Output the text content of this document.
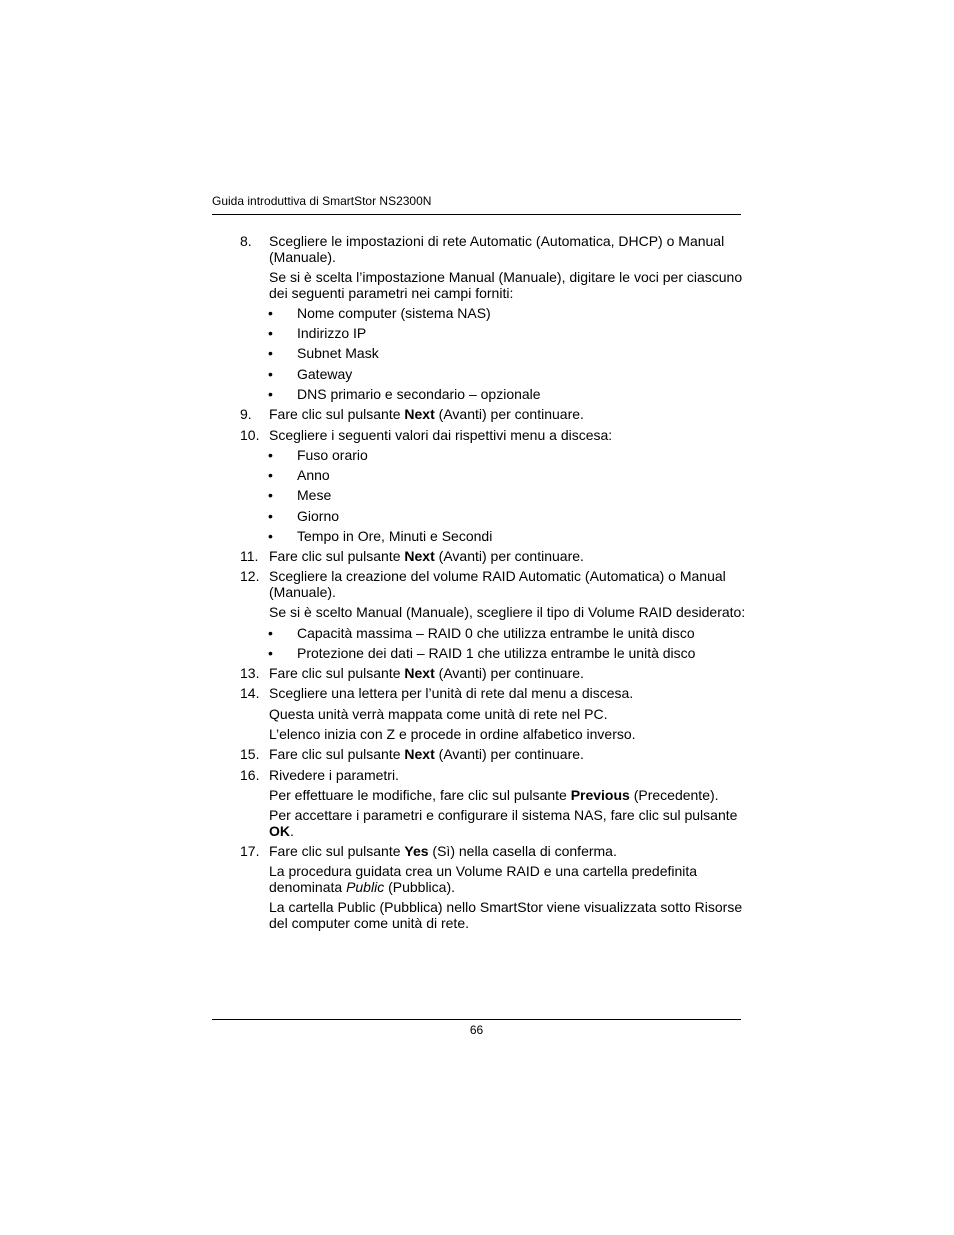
Guida introduttiva di SmartStor NS2300N
8. Scegliere le impostazioni di rete Automatic (Automatica, DHCP) o Manual
(Manuale).
Se si è scelta l’impostazione Manual (Manuale), digitare le voci per ciascuno
dei seguenti parametri nei campi forniti:
• Nome computer (sistema NAS)
• Indirizzo IP
• Subnet Mask
• Gateway
• DNS primario e secondario – opzionale
9. Fare clic sul pulsante Next (Avanti) per continuare.
10. Scegliere i seguenti valori dai rispettivi menu a discesa:
• Fuso orario
• Anno
• Mese
• Giorno
• Tempo in Ore, Minuti e Secondi
11. Fare clic sul pulsante Next (Avanti) per continuare.
12. Scegliere la creazione del volume RAID Automatic (Automatica) o Manual
(Manuale).
Se si è scelto Manual (Manuale), scegliere il tipo di Volume RAID desiderato:
• Capacità massima – RAID 0 che utilizza entrambe le unità disco
• Protezione dei dati – RAID 1 che utilizza entrambe le unità disco
13. Fare clic sul pulsante Next (Avanti) per continuare.
14. Scegliere una lettera per l’unità di rete dal menu a discesa.
Questa unità verrà mappata come unità di rete nel PC.
L’elenco inizia con Z e procede in ordine alfabetico inverso.
15. Fare clic sul pulsante Next (Avanti) per continuare.
16. Rivedere i parametri.
Per effettuare le modifiche, fare clic sul pulsante Previous (Precedente).
Per accettare i parametri e configurare il sistema NAS, fare clic sul pulsante
OK.
17. Fare clic sul pulsante Yes (Sì) nella casella di conferma.
La procedura guidata crea un Volume RAID e una cartella predefinita
denominata Public (Pubblica).
La cartella Public (Pubblica) nello SmartStor viene visualizzata sotto Risorse
del computer come unità di rete.
66
